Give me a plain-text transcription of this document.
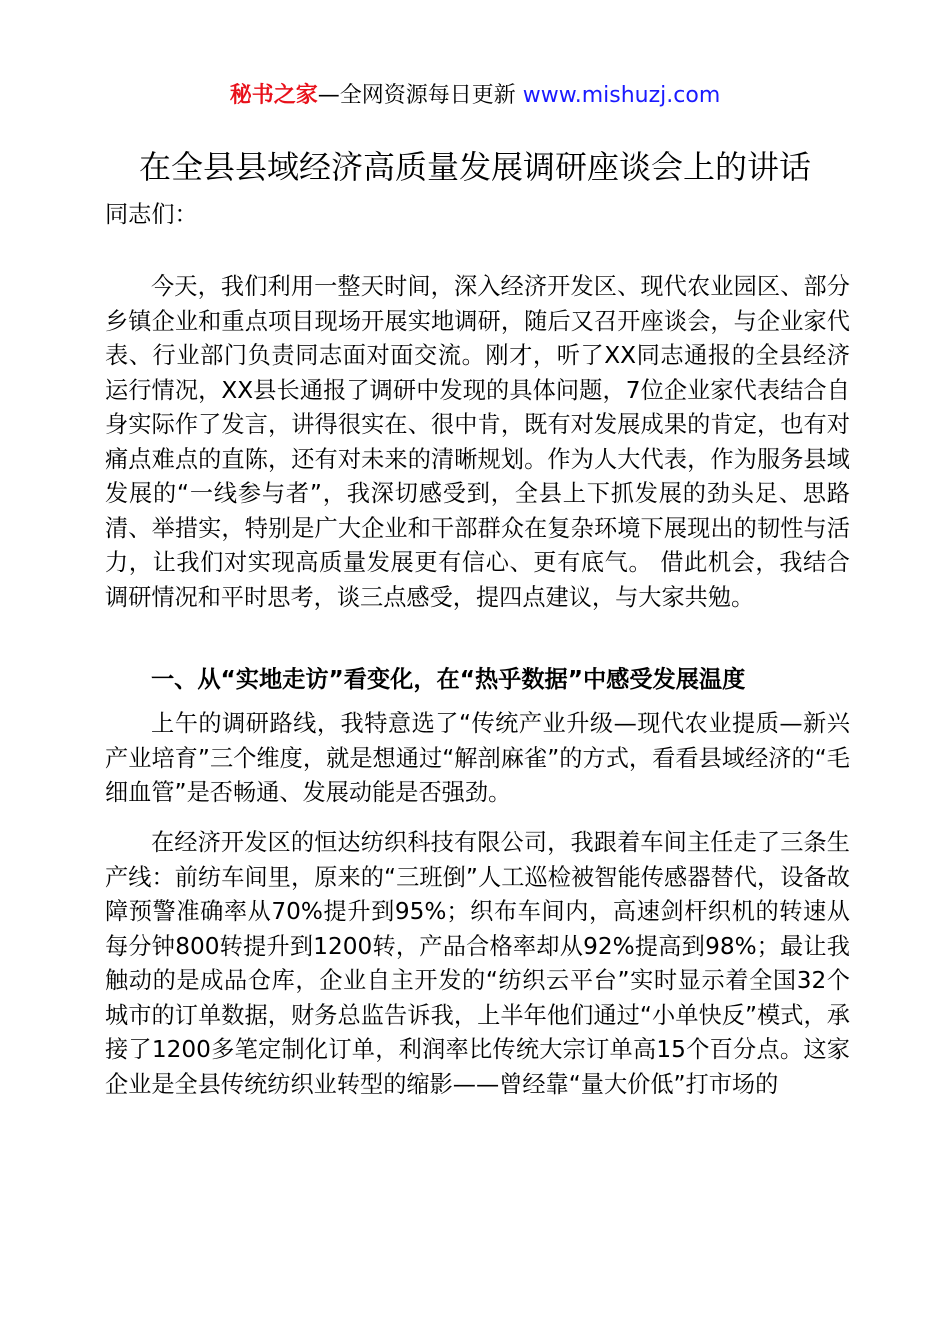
秘书之家—全网资源每日更新 www.mishuzj.com
在全县县域经济高质量发展调研座谈会上的讲话
同志们：
今天，我们利用一整天时间，深入经济开发区、现代农业园区、部分乡镇企业和重点项目现场开展实地调研，随后又召开座谈会，与企业家代表、行业部门负责同志面对面交流。刚才，听了XX同志通报的全县经济运行情况，XX县长通报了调研中发现的具体问题，7位企业家代表结合自身实际作了发言，讲得很实在、很中肯，既有对发展成果的肯定，也有对痛点难点的直陈，还有对未来的清晰规划。作为人大代表，作为服务县域发展的“一线参与者”，我深切感受到，全县上下抓发展的劲头足、思路清、举措实，特别是广大企业和干部群众在复杂环境下展现出的韧性与活力，让我们对实现高质量发展更有信心、更有底气。 借此机会，我结合调研情况和平时思考，谈三点感受，提四点建议，与大家共勉。
一、从“实地走访”看变化，在“热乎数据”中感受发展温度
上午的调研路线，我特意选了“传统产业升级—现代农业提质—新兴产业培育”三个维度，就是想通过“解剖麻雀”的方式，看看县域经济的“毛细血管”是否畅通、发展动能是否强劲。
在经济开发区的恒达纺织科技有限公司，我跟着车间主任走了三条生产线：前纺车间里，原来的“三班倒”人工巡检被智能传感器替代，设备故障预警准确率从70%提升到95%；织布车间内，高速剑杆织机的转速从每分钟800转提升到1200转，产品合格率却从92%提高到98%；最让我触动的是成品仓库，企业自主开发的“纺织云平台”实时显示着全国32个城市的订单数据，财务总监告诉我，上半年他们通过“小单快反”模式，承接了1200多笔定制化订单，利润率比传统大宗订单高15个百分点。这家企业是全县传统纺织业转型的缩影——曾经靠“量大价低”打市场的
